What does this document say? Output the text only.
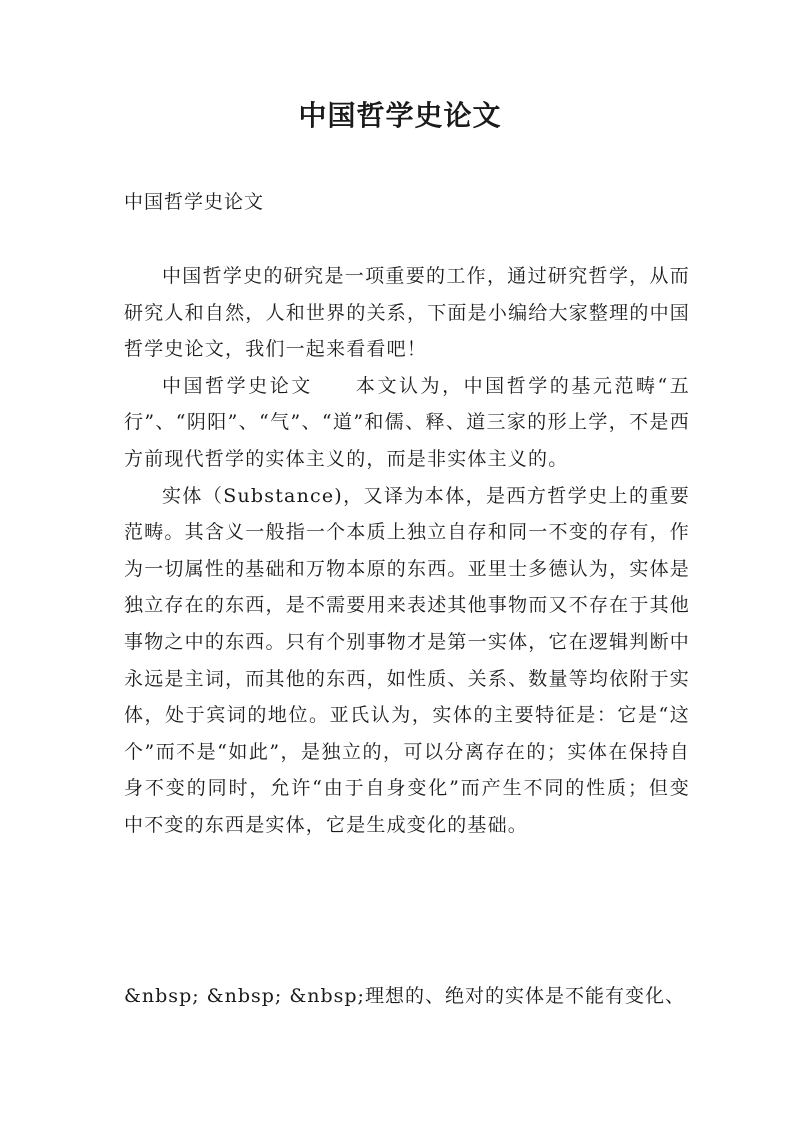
中国哲学史论文
中国哲学史论文

中国哲学史的研究是一项重要的工作，通过研究哲学，从而研究人和自然，人和世界的关系，下面是小编给大家整理的中国哲学史论文，我们一起来看看吧！

中国哲学史论文　　本文认为，中国哲学的基元范畴“五行”、“阴阳”、“气”、“道”和儒、释、道三家的形上学，不是西方前现代哲学的实体主义的，而是非实体主义的。

实体（Substance)，又译为本体，是西方哲学史上的重要范畴。其含义一般指一个本质上独立自存和同一不变的存有，作为一切属性的基础和万物本原的东西。亚里士多德认为，实体是独立存在的东西，是不需要用来表述其他事物而又不存在于其他事物之中的东西。只有个别事物才是第一实体，它在逻辑判断中永远是主词，而其他的东西，如性质、关系、数量等均依附于实体，处于宾词的地位。亚氏认为，实体的主要特征是：它是“这个”而不是“如此”，是独立的，可以分离存在的；实体在保持自身不变的同时，允许“由于自身变化”而产生不同的性质；但变中不变的东西是实体，它是生成变化的基础。

&nbsp; &nbsp; &nbsp;理想的、绝对的实体是不能有变化、
